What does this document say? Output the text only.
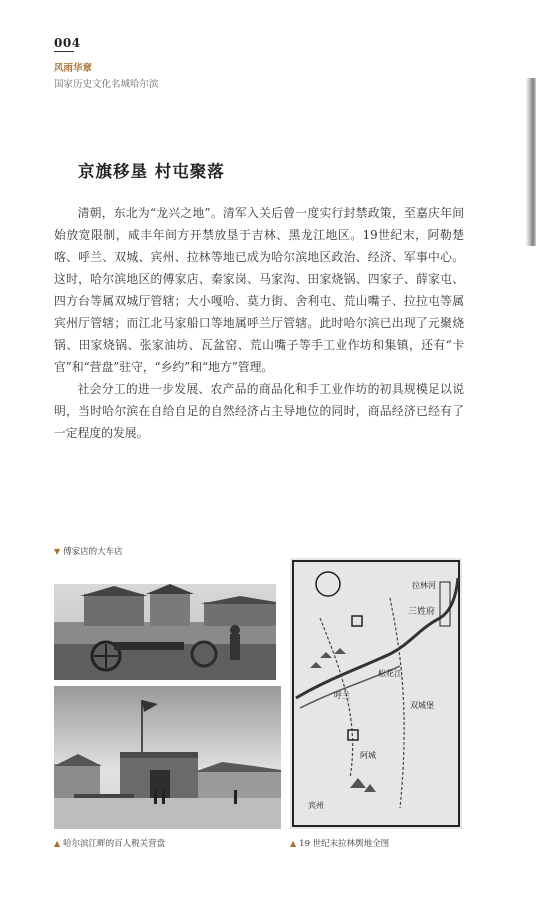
004
风雨华章
国家历史文化名城哈尔滨
京旗移垦 村屯聚落

清朝，东北为“龙兴之地”。清军入关后曾一度实行封禁政策，至嘉庆年间始放宽限制，咸丰年间方开禁放垦于吉林、黑龙江地区。19世纪末，阿勒楚喀、呼兰、双城、宾州、拉林等地已成为哈尔滨地区政治、经济、军事中心。这时，哈尔滨地区的傅家店、秦家岗、马家沟、田家烧锅、四家子、薛家屯、四方台等属双城厅管辖；大小嘎哈、莫力街、舍利屯、荒山嘴子、拉拉屯等属宾州厅管辖；而江北马家船口等地属呼兰厅管辖。此时哈尔滨已出现了元聚烧锅、田家烧锅、张家油坊、瓦盆窑、荒山嘴子等手工业作坊和集镇，还有“卡官”和“营盘”驻守，“乡约”和“地方”管理。

社会分工的进一步发展、农产品的商品化和手工业作坊的初具规模足以说明，当时哈尔滨在自给自足的自然经济占主导地位的同时，商品经济已经有了一定程度的发展。

▼ 傅家店的大车店
三姓府
拉林河
松花江
双城堡
呼兰
阿城
宾州
▲ 哈尔滨江畔的百人税关营盘	▲ 19 世纪末拉林舆地全图
